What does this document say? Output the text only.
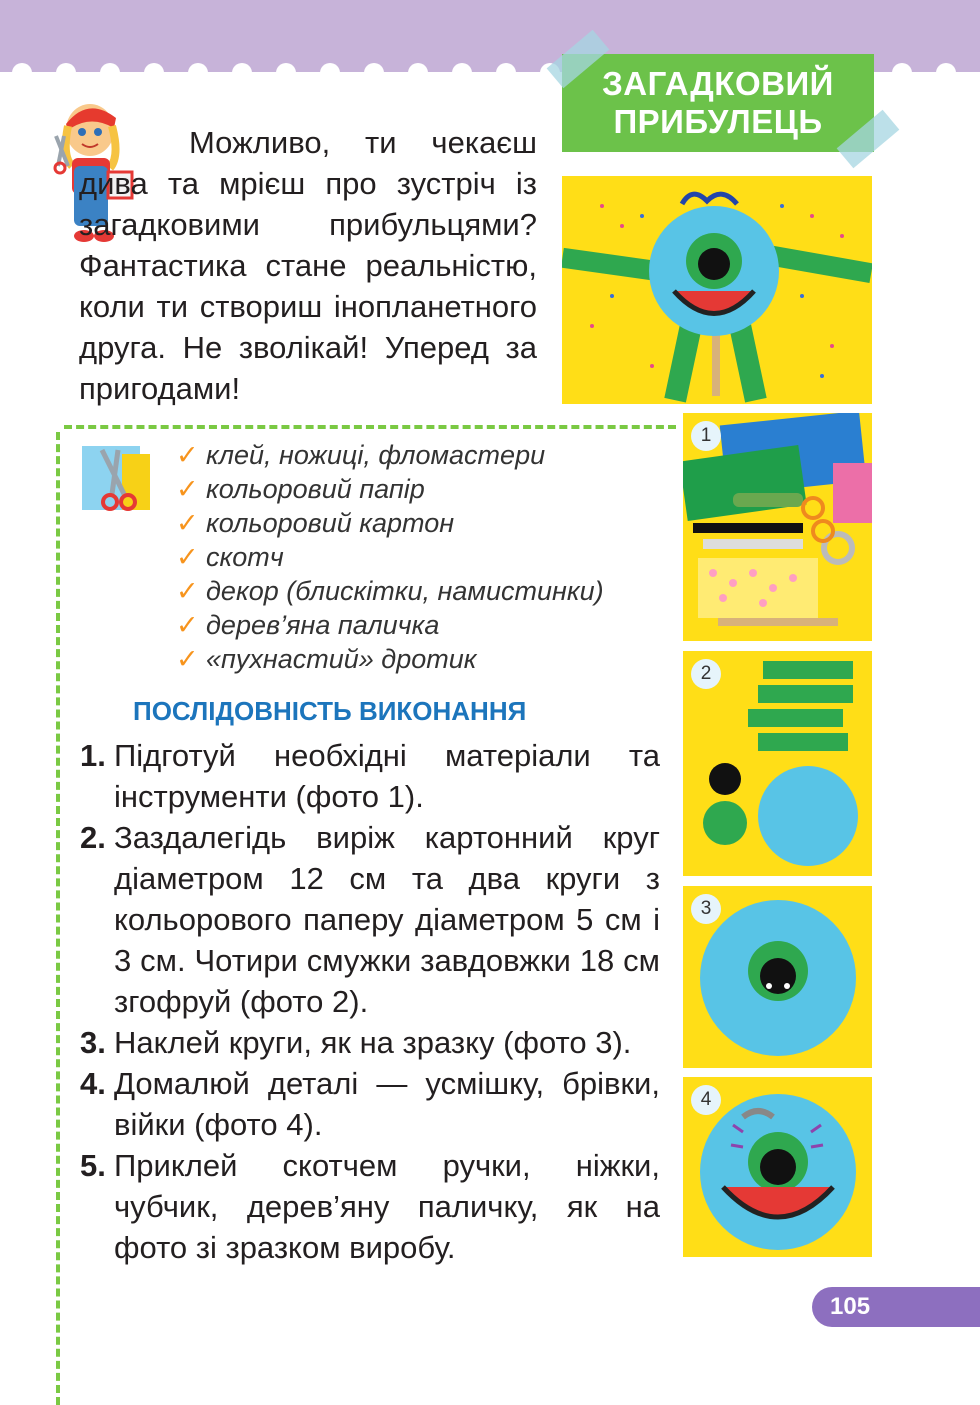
ЗАГАДКОВИЙ
ПРИБУЛЕЦЬ
Можливо, ти чекаєш дива та мрієш про зустріч із загадковими прибульцями? Фантастика стане реальністю, коли ти створиш інопланетного друга. Не зволікай! Уперед за пригодами!
1
2
3
4
✓ клей, ножиці, фломастери
✓ кольоровий папір
✓ кольоровий картон
✓ скотч
✓ декор (блискітки, намистинки)
✓ дерев’яна паличка
✓ «пухнастий» дротик
ПОСЛІДОВНІСТЬ ВИКОНАННЯ
1. Підготуй необхідні матеріали та інструменти (фото 1).
2. Заздалегідь виріж картонний круг діаметром 12 см та два круги з кольорового паперу діаметром 5 см і 3 см. Чотири смужки завдовжки 18 см згофруй (фото 2).
3. Наклей круги, як на зразку (фото 3).
4. Домалюй деталі — усмішку, брівки, війки (фото 4).
5. Приклей скотчем ручки, ніжки, чубчик, дерев’яну паличку, як на фото зі зразком виробу.
105
